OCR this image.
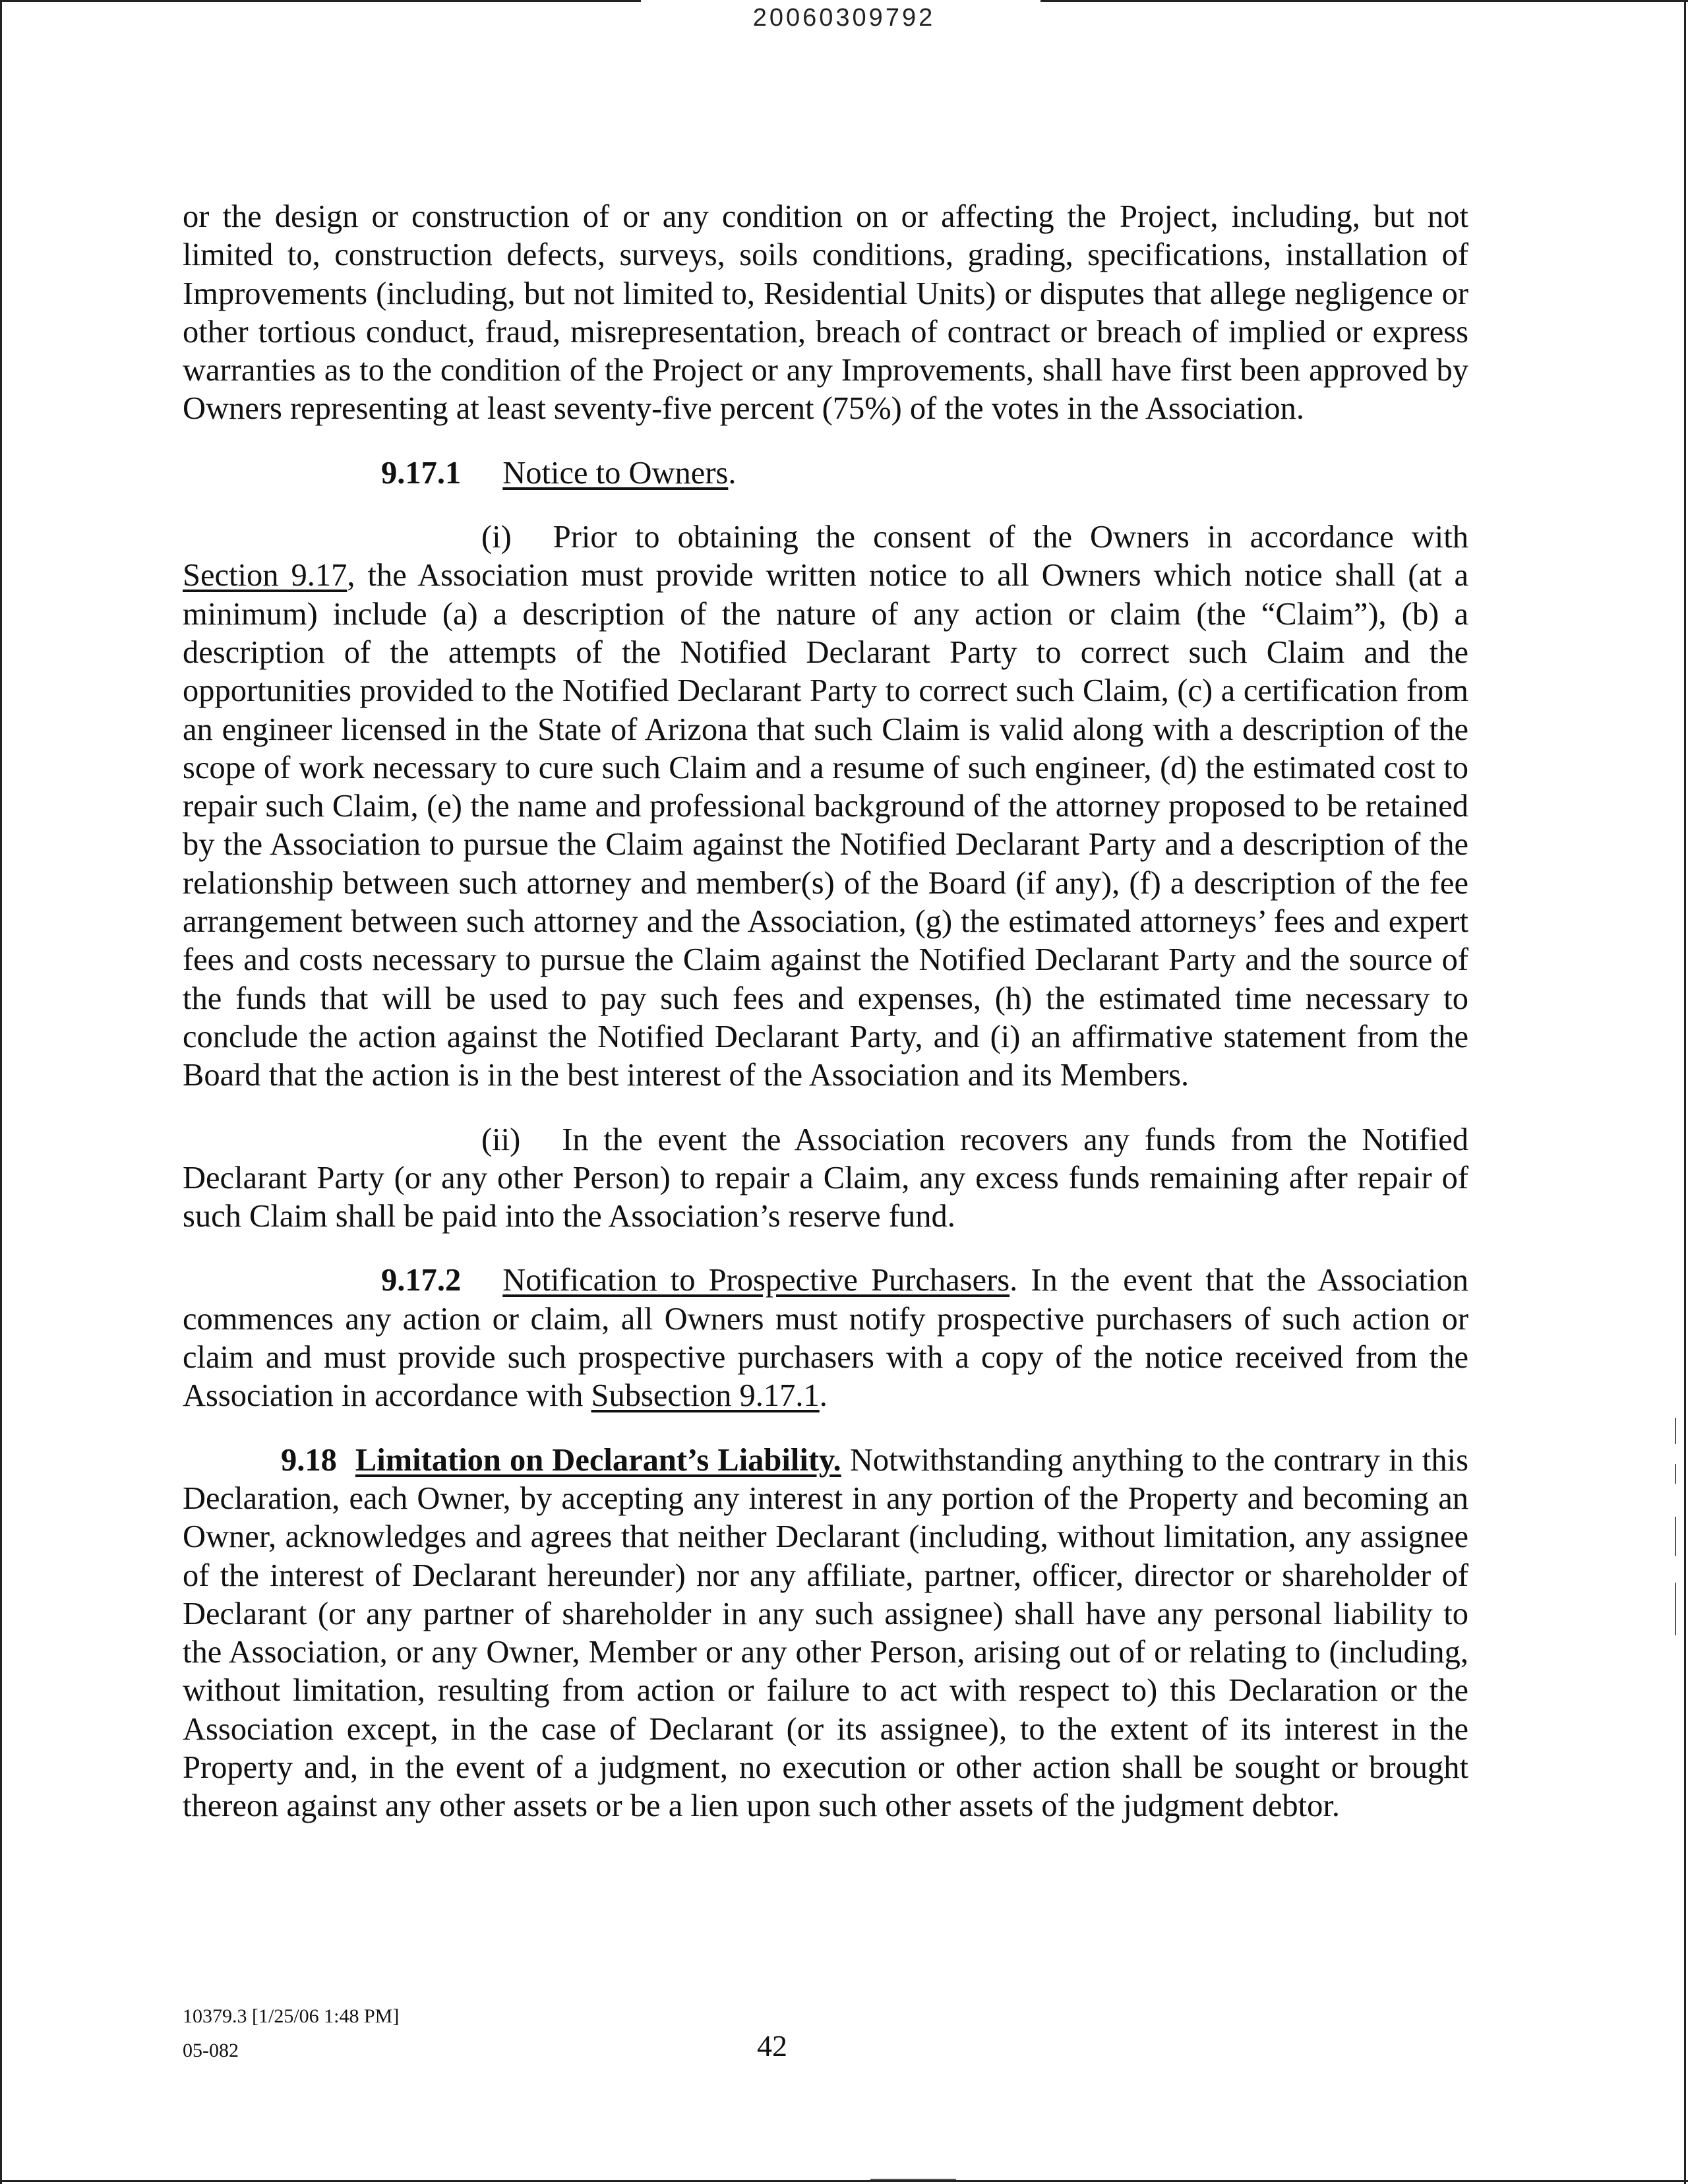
20060309792

or the design or construction of or any condition on or affecting the Project, including, but not limited to, construction defects, surveys, soils conditions, grading, specifications, installation of Improvements (including, but not limited to, Residential Units) or disputes that allege negligence or other tortious conduct, fraud, misrepresentation, breach of contract or breach of implied or express warranties as to the condition of the Project or any Improvements, shall have first been approved by Owners representing at least seventy-five percent (75%) of the votes in the Association.

9.17.1 Notice to Owners.

(i) Prior to obtaining the consent of the Owners in accordance with Section 9.17, the Association must provide written notice to all Owners which notice shall (at a minimum) include (a) a description of the nature of any action or claim (the “Claim”), (b) a description of the attempts of the Notified Declarant Party to correct such Claim and the opportunities provided to the Notified Declarant Party to correct such Claim, (c) a certification from an engineer licensed in the State of Arizona that such Claim is valid along with a description of the scope of work necessary to cure such Claim and a resume of such engineer, (d) the estimated cost to repair such Claim, (e) the name and professional background of the attorney proposed to be retained by the Association to pursue the Claim against the Notified Declarant Party and a description of the relationship between such attorney and member(s) of the Board (if any), (f) a description of the fee arrangement between such attorney and the Association, (g) the estimated attorneys’ fees and expert fees and costs necessary to pursue the Claim against the Notified Declarant Party and the source of the funds that will be used to pay such fees and expenses, (h) the estimated time necessary to conclude the action against the Notified Declarant Party, and (i) an affirmative statement from the Board that the action is in the best interest of the Association and its Members.

(ii) In the event the Association recovers any funds from the Notified Declarant Party (or any other Person) to repair a Claim, any excess funds remaining after repair of such Claim shall be paid into the Association’s reserve fund.

9.17.2 Notification to Prospective Purchasers. In the event that the Association commences any action or claim, all Owners must notify prospective purchasers of such action or claim and must provide such prospective purchasers with a copy of the notice received from the Association in accordance with Subsection 9.17.1.

9.18 Limitation on Declarant’s Liability. Notwithstanding anything to the contrary in this Declaration, each Owner, by accepting any interest in any portion of the Property and becoming an Owner, acknowledges and agrees that neither Declarant (including, without limitation, any assignee of the interest of Declarant hereunder) nor any affiliate, partner, officer, director or shareholder of Declarant (or any partner of shareholder in any such assignee) shall have any personal liability to the Association, or any Owner, Member or any other Person, arising out of or relating to (including, without limitation, resulting from action or failure to act with respect to) this Declaration or the Association except, in the case of Declarant (or its assignee), to the extent of its interest in the Property and, in the event of a judgment, no execution or other action shall be sought or brought thereon against any other assets or be a lien upon such other assets of the judgment debtor.

10379.3 [1/25/06 1:48 PM]
05-082	42
